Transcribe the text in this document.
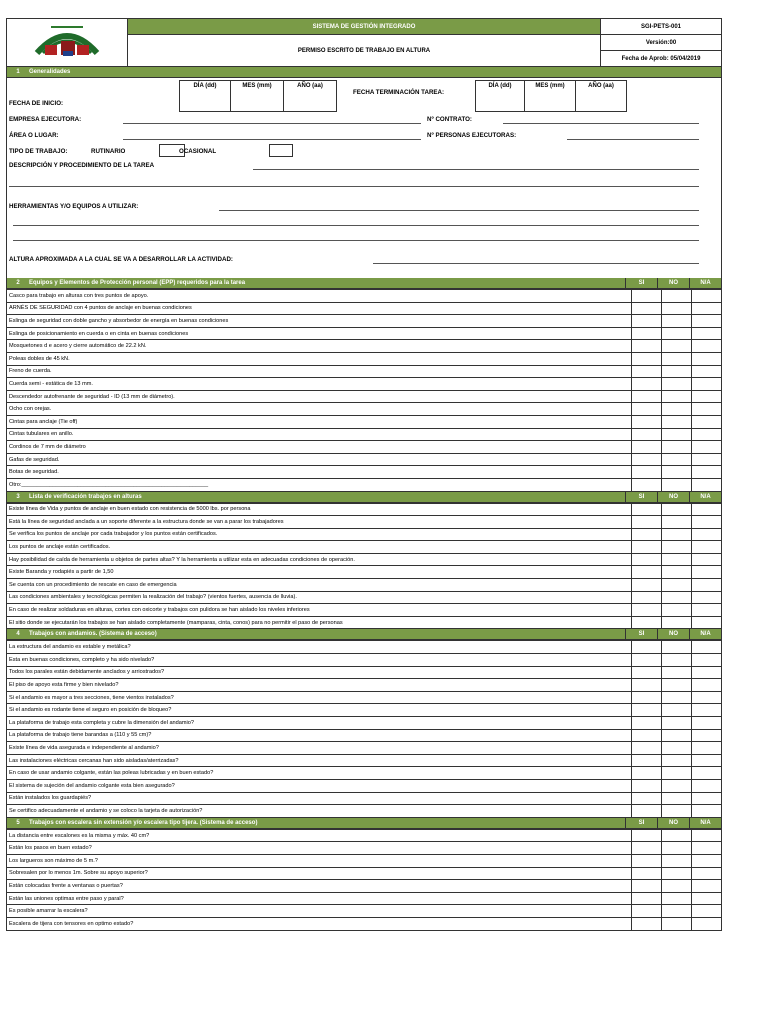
	SISTEMA DE GESTIÓN INTEGRADO	SGI-PETS-001
	PERMISO ESCRITO DE TRABAJO EN ALTURA	Versión:00
		Fecha de Aprob: 05/04/2019
1	Generalidades
DÍA (dd)	MES (mm)	AÑO (aa)
FECHA DE INICIO:
FECHA TERMINACIÓN TAREA:
DÍA (dd)	MES (mm)	AÑO (aa)
EMPRESA EJECUTORA:	Nº CONTRATO:
ÁREA O LUGAR:	Nº PERSONAS EJECUTORAS:
TIPO DE TRABAJO:	RUTINARIO	OCASIONAL
DESCRIPCIÓN Y PROCEDIMIENTO DE LA TAREA
HERRAMIENTAS Y/O EQUIPOS A UTILIZAR:
ALTURA APROXIMADA A LA CUAL SE VA A DESARROLLAR LA ACTIVIDAD:
2	Equipos y Elementos de Protección personal (EPP) requeridos para la tarea	SI	NO	N/A
Casco para trabajo en alturas con tres puntos de apoyo.			
ARNÉS DE SEGURIDAD con 4 puntos de anclaje en buenas condiciones			
Eslinga de seguridad con doble gancho y absorbedor de energía en buenas condiciones			
Eslinga de posicionamiento en cuerda o en cinta en buenas condiciones			
Mosquetones d e acero y cierre automático de 22.2 kN.			
Poleas dobles de 45 kN.			
Freno de cuerda.			
Cuerda semi - estática de 13 mm.			
Descendedor autofrenante de seguridad - ID (13 mm de diámetro).			
Ocho con orejas.			
Cintas para anclaje (Tie off)			
Cintas tubulares en anillo.			
Cordinos de 7 mm de diámetro			
Gafas de seguridad.			
Botas de seguridad.			
Otro:____________________________________________________________			
3	Lista de verificación trabajos en alturas	SI	NO	N/A
Existe línea de Vida y puntos de anclaje en buen estado con resistencia de 5000 lbs. por persona			
Está la línea de seguridad anclada a un soporte diferente a la estructura donde se van a parar los trabajadores			
Se verifica los puntos de anclaje por cada trabajador y los puntos están certificados.			
Los puntos de anclaje están certificados.			
Hay posibilidad de caída de herramienta u objetos de partes altas? Y la herramienta a utilizar esta en adecuadas condiciones de operación.			
Existe Baranda y rodapiés a partir de 1,50			
Se cuenta con un procedimiento de rescate en caso de emergencia			
Las condiciones ambientales y tecnológicas permiten la realización del trabajo? (vientos fuertes, ausencia de lluvia).			
En caso de realizar soldaduras en alturas, cortes con oxicorte y trabajos con pulidora se han aislado los niveles inferiores			
El sitio donde se ejecutarán los trabajos se han aislado completamente (mamparas, cinta, conos) para no permitir el paso de personas			
4	Trabajos con andamios. (Sistema de acceso)	SI	NO	N/A
La estructura del andamio es estable y metálica?			
Esta en buenas condiciones, completo y ha sido nivelado?			
Todos los parales están debidamente anclados y arriostrados?			
El piso de apoyo esta firme y bien nivelado?			
Si el andamio es mayor a tres secciones, tiene vientos instalados?			
Si el andamio es rodante tiene el seguro en posición de bloqueo?			
La plataforma de trabajo esta completa y cubre la dimensión del andamio?			
La plataforma de trabajo tiene barandas a (110 y 55 cm)?			
Existe línea de vida asegurada e independiente al andamio?			
Las instalaciones eléctricas cercanas han sido aisladas/aterrizadas?			
En caso de usar andamio colgante, están las poleas lubricadas y en buen estado?			
El sistema de sujeción del andamio colgante esta bien asegurado?			
Están instalados los guardapiés?			
Se certifico adecuadamente el andamio y se coloco la tarjeta de autorización?			
5	Trabajos con escalera sin extensión y/o escalera tipo tijera. (Sistema de acceso)	SI	NO	N/A
La distancia entre escalones es la misma y máx. 40 cm?			
Están los pasos en buen estado?			
Los largueros son máximo de 5 m.?			
Sobresalen por lo menos 1m. Sobre su apoyo superior?			
Están colocadas frente a ventanas o puertas?			
Están las uniones optimas entre paso y paral?			
Es posible amarrar la escalera?			
Escalera de tijera con tensores en optimo estado?			
